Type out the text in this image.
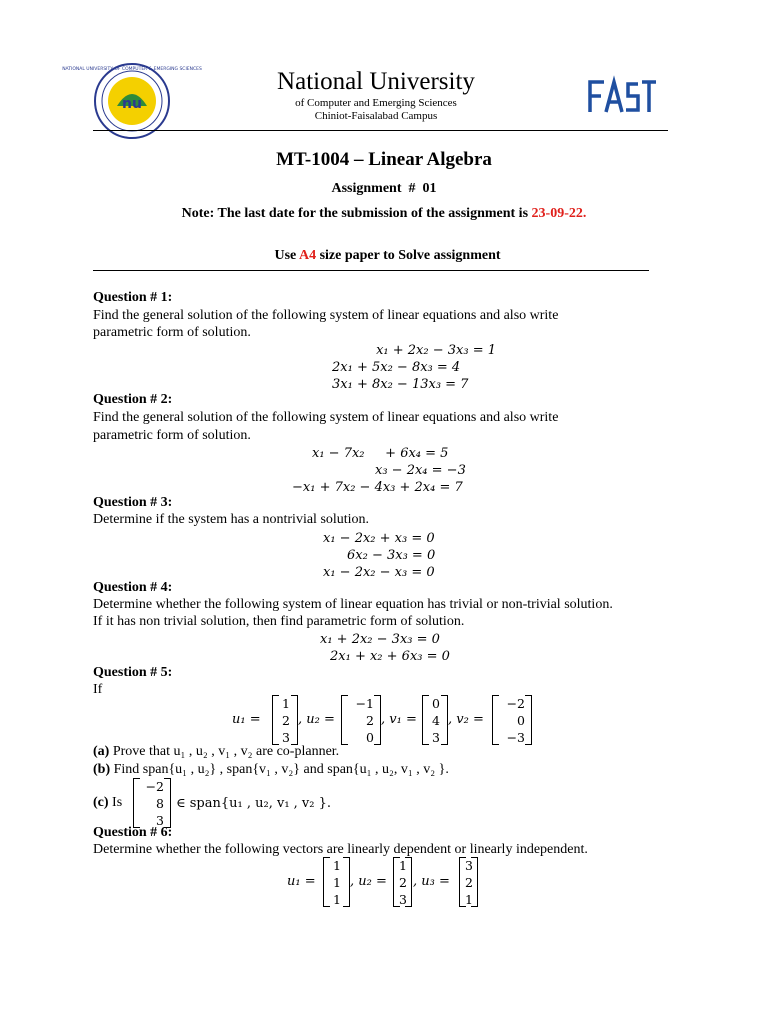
nu
NATIONAL UNIVERSITY OF COMPUTER & EMERGING SCIENCES	National University
of Computer and Emerging Sciences
Chiniot-Faisalabad Campus
MT-1004 – Linear Algebra
Assignment  #  01
Note: The last date for the submission of the assignment is 23-09-22.

Use A4 size paper to Solve assignment

Question # 1:
Find the general solution of the following system of linear equations and also write
parametric form of solution.
x₁ + 2x₂ − 3x₃ = 1
2x₁ + 5x₂ − 8x₃ = 4
3x₁ + 8x₂ − 13x₃ = 7
Question # 2:
Find the general solution of the following system of linear equations and also write
parametric form of solution.
x₁ − 7x₂     + 6x₄ = 5
x₃ − 2x₄ = −3
−x₁ + 7x₂ − 4x₃ + 2x₄ = 7
Question # 3:
Determine if the system has a nontrivial solution.
x₁ − 2x₂ + x₃ = 0
6x₂ − 3x₃ = 0
x₁ − 2x₂ − x₃ = 0
Question # 4:
Determine whether the following system of linear equation has trivial or non-trivial solution.
If it has non trivial solution, then find parametric form of solution.
x₁ + 2x₂ − 3x₃ = 0
2x₁ + x₂ + 6x₃ = 0
Question # 5:
If
u₁ =
1
2
3
, u₂ =
−1
2
0
, v₁ =
0
4
3
, v₂ =
−2
0
−3
(a) Prove that u₁ , u₂ , v₁ , v₂ are co-planner.
(b) Find span{u₁ , u₂} , span{v₁ , v₂} and span{u₁ , u₂, v₁ , v₂ }.
(c) Is
−2
8
3
∈ span{u₁ , u₂, v₁ , v₂ }.
Question # 6:
Determine whether the following vectors are linearly dependent or linearly independent.
u₁ =
1
1
1
, u₂ =
1
2
3
, u₃ =
3
2
1
